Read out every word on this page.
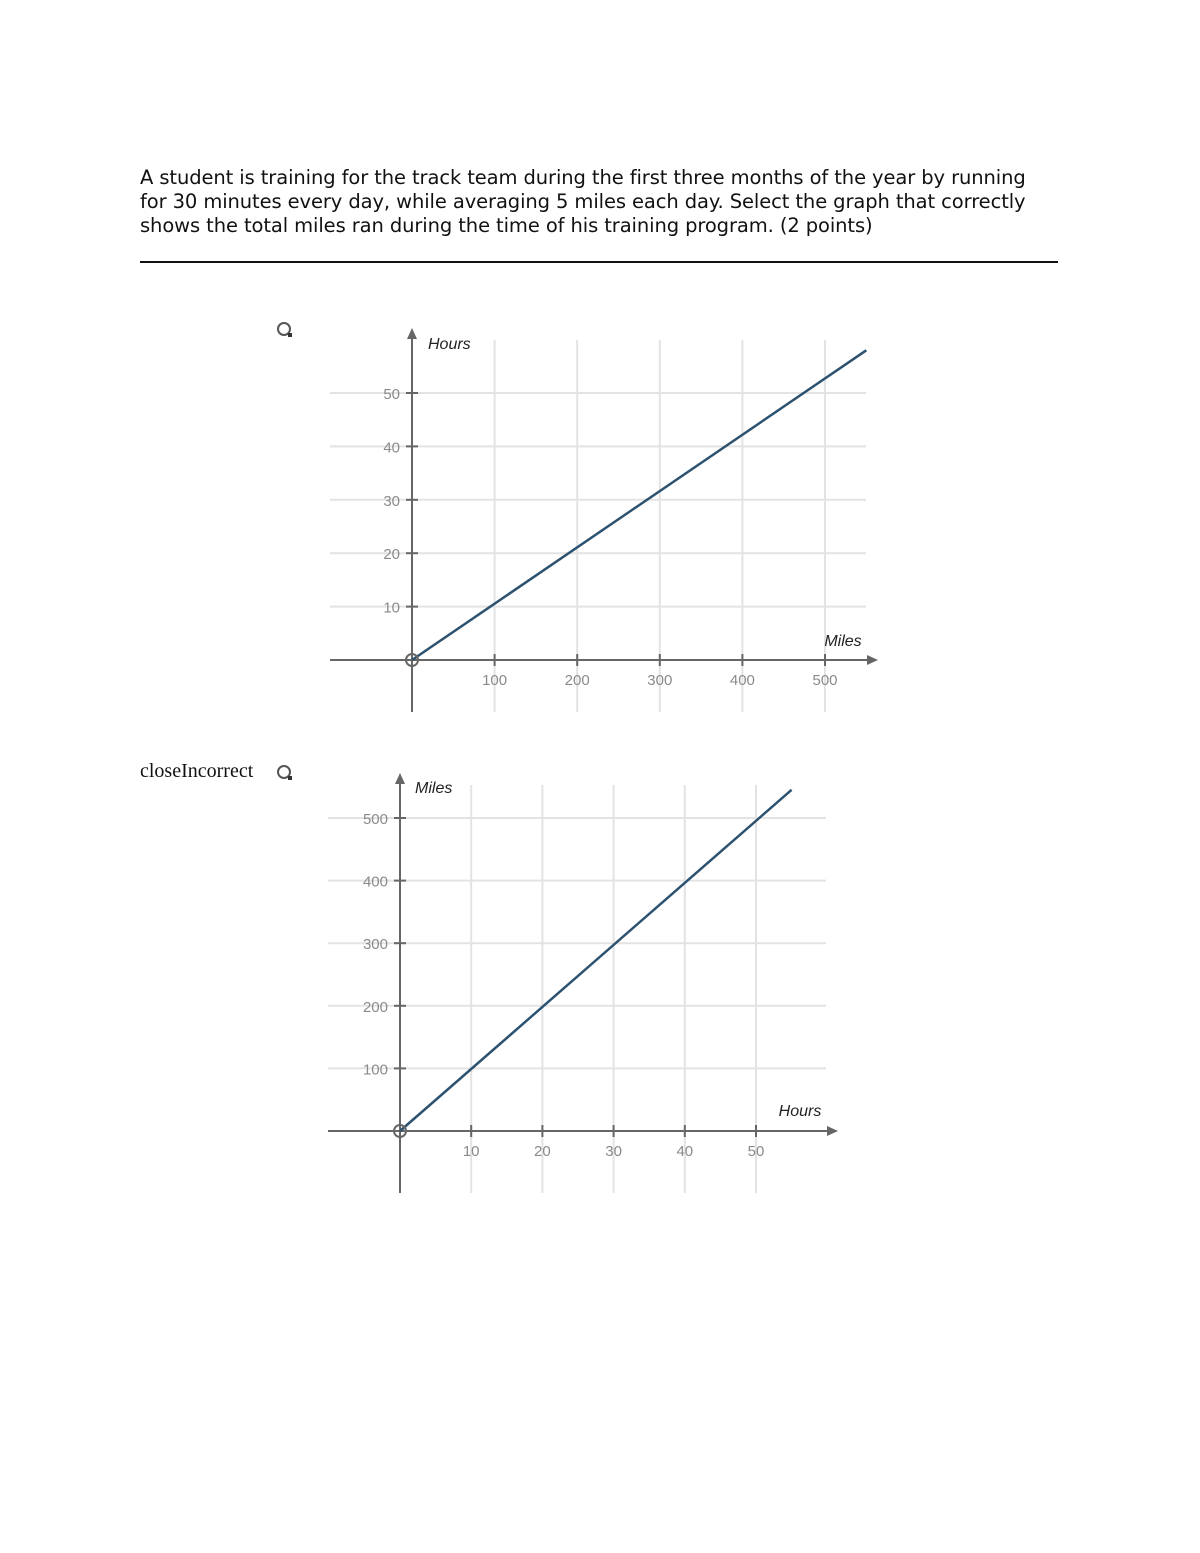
A student is training for the track team during the first three months of the year by running for 30 minutes every day, while averaging 5 miles each day. Select the graph that correctly shows the total miles ran during the time of his training program. (2 points)
closeIncorrect
100	200	300	400	500
10
20
30
40
50
Miles
Hours
10	20	30	40	50
100
200
300
400
500
Hours
Miles
